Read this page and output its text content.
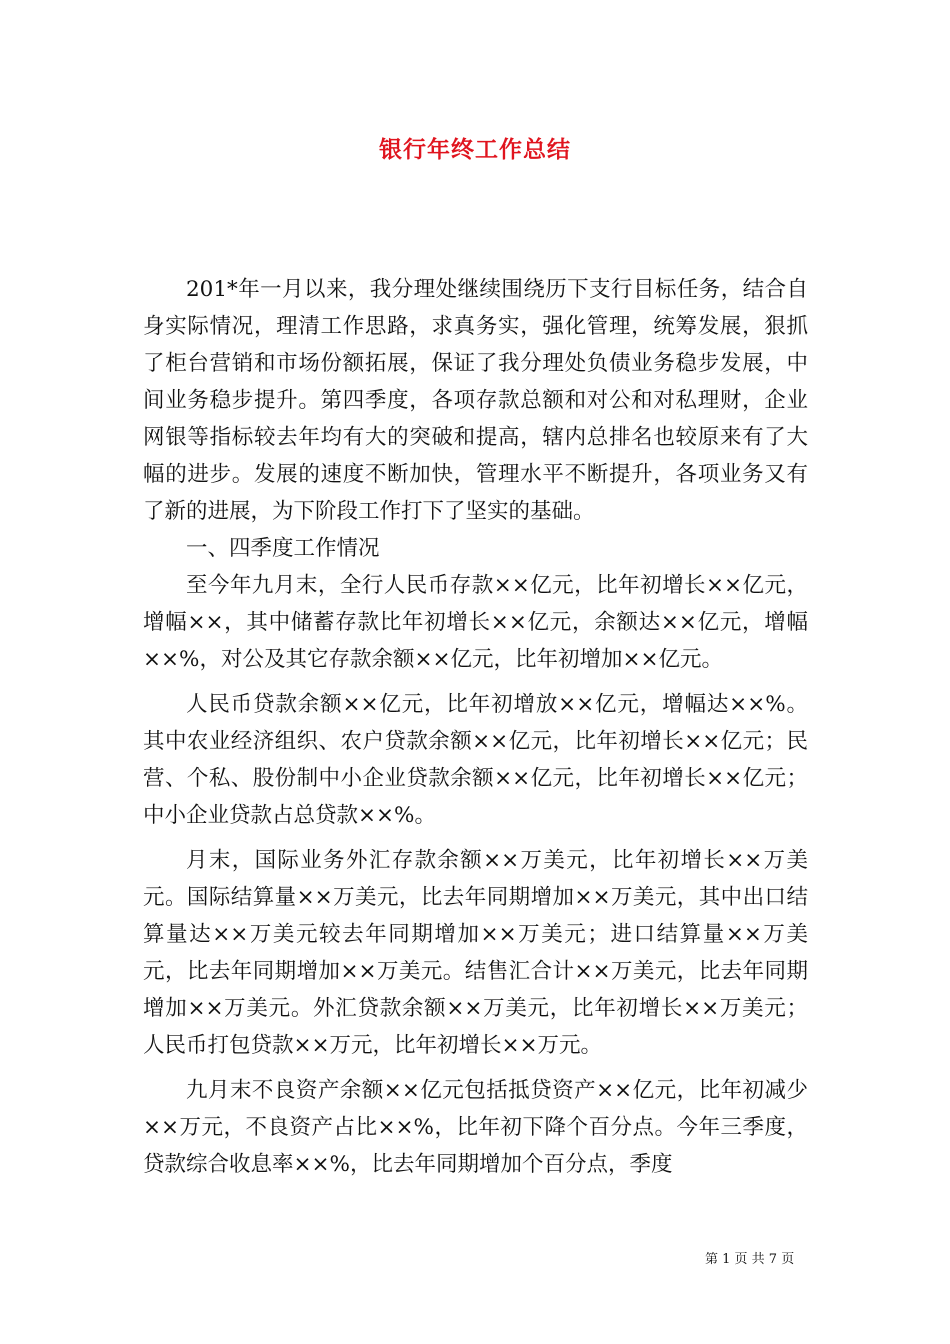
银行年终工作总结

201*年一月以来，我分理处继续围绕历下支行目标任务，结合自身实际情况，理清工作思路，求真务实，强化管理，统筹发展，狠抓了柜台营销和市场份额拓展，保证了我分理处负债业务稳步发展，中间业务稳步提升。第四季度，各项存款总额和对公和对私理财，企业网银等指标较去年均有大的突破和提高，辖内总排名也较原来有了大幅的进步。发展的速度不断加快，管理水平不断提升，各项业务又有了新的进展，为下阶段工作打下了坚实的基础。

一、四季度工作情况

至今年九月末，全行人民币存款××亿元，比年初增长××亿元，增幅××，其中储蓄存款比年初增长××亿元，余额达××亿元，增幅××%，对公及其它存款余额××亿元，比年初增加××亿元。

人民币贷款余额××亿元，比年初增放××亿元，增幅达××%。其中农业经济组织、农户贷款余额××亿元，比年初增长××亿元；民营、个私、股份制中小企业贷款余额××亿元，比年初增长××亿元；中小企业贷款占总贷款××%。

月末，国际业务外汇存款余额××万美元，比年初增长××万美元。国际结算量××万美元，比去年同期增加××万美元，其中出口结算量达××万美元较去年同期增加××万美元；进口结算量××万美元，比去年同期增加××万美元。结售汇合计××万美元，比去年同期增加××万美元。外汇贷款余额××万美元，比年初增长××万美元；人民币打包贷款××万元，比年初增长××万元。

九月末不良资产余额××亿元包括抵贷资产××亿元，比年初减少××万元，不良资产占比××%，比年初下降个百分点。今年三季度，贷款综合收息率××%，比去年同期增加个百分点，季度

第 1 页 共 7 页
